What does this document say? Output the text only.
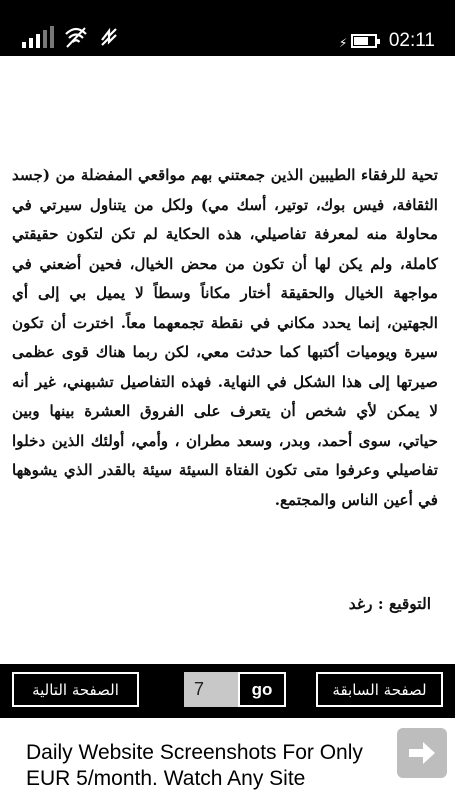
⚡ 02:11

تحية للرفقاء الطيبين الذين جمعتني بهم مواقعي المفضلة من (جسد الثقافة، فيس بوك، توتير، أسك مي) ولكل من يتناول سيرتي في محاولة منه لمعرفة تفاصيلي، هذه الحكاية لم تكن لتكون حقيقتي كاملة، ولم يكن لها أن تكون من محض الخيال، فحين أضعني في مواجهة الخيال والحقيقة أختار مكاناً وسطاً لا يميل بي إلى أي الجهتين، إنما يحدد مكاني في نقطة تجمعهما معاً. اخترت أن تكون سيرة ويوميات أكتبها كما حدثت معي، لكن ربما هناك قوى عظمى صيرتها إلى هذا الشكل في النهاية. فهذه التفاصيل تشبهني، غير أنه لا يمكن لأي شخص أن يتعرف على الفروق العشرة بينها وبين حياتي، سوى أحمد، وبدر، وسعد مطران ، وأمي، أولئك الذين دخلوا تفاصيلي وعرفوا متى تكون الفتاة السيئة سيئة بالقدر الذي يشوهها في أعين الناس والمجتمع.

التوقيع : رغد
الصفحة التالية
7	go	لصفحة السابقة
Daily Website Screenshots For Only EUR 5/month. Watch Any Site
